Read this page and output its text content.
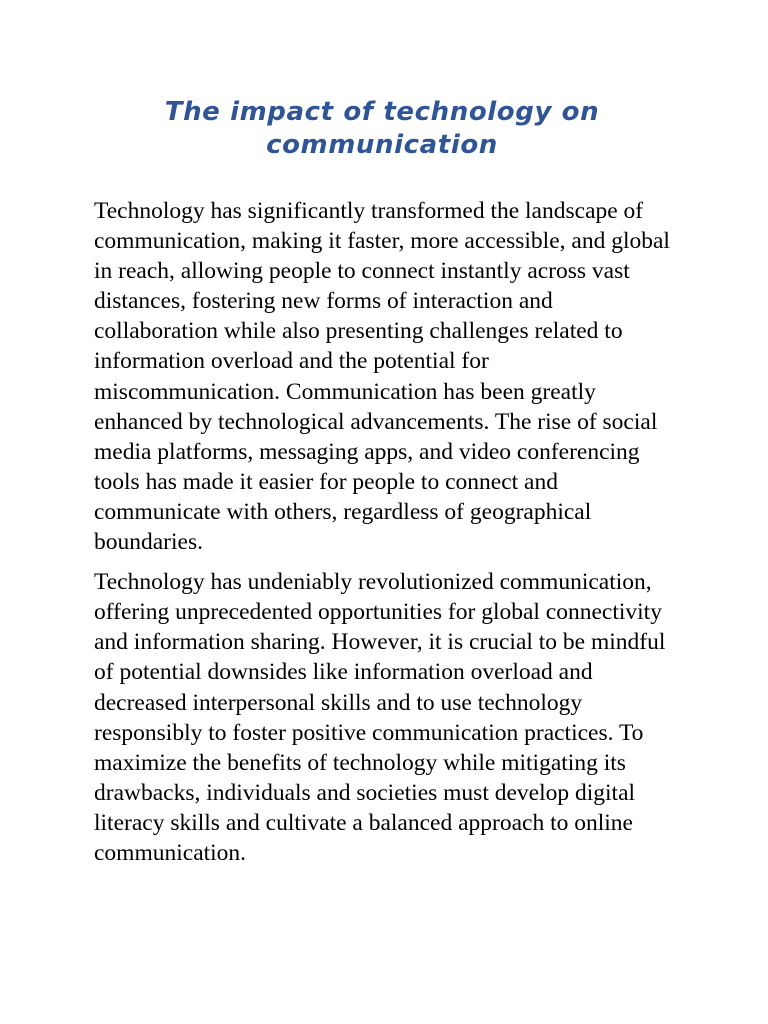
The impact of technology on communication

Technology has significantly transformed the landscape of communication, making it faster, more accessible, and global in reach, allowing people to connect instantly across vast distances, fostering new forms of interaction and collaboration while also presenting challenges related to information overload and the potential for miscommunication. Communication has been greatly enhanced by technological advancements. The rise of social media platforms, messaging apps, and video conferencing tools has made it easier for people to connect and communicate with others, regardless of geographical boundaries.

Technology has undeniably revolutionized communication, offering unprecedented opportunities for global connectivity and information sharing. However, it is crucial to be mindful of potential downsides like information overload and decreased interpersonal skills and to use technology responsibly to foster positive communication practices. To maximize the benefits of technology while mitigating its drawbacks, individuals and societies must develop digital literacy skills and cultivate a balanced approach to online communication.
